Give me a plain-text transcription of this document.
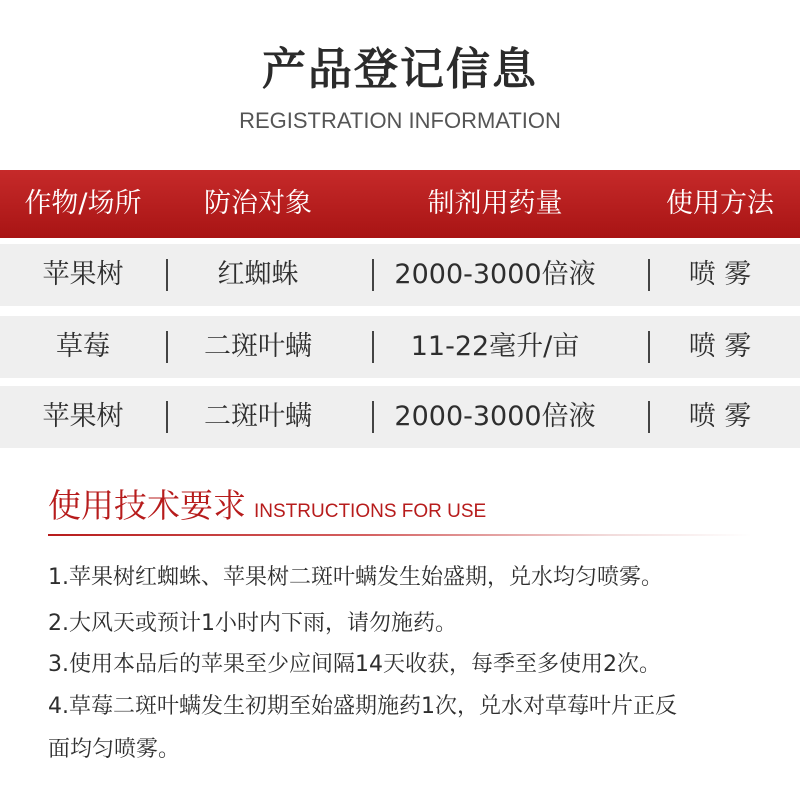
产品登记信息
REGISTRATION INFORMATION
作物/场所	防治对象	制剂用药量	使用方法
苹果树	红蜘蛛	2000-3000倍液	喷 雾
草莓	二斑叶螨	11-22毫升/亩	喷 雾
苹果树	二斑叶螨	2000-3000倍液	喷 雾
使用技术要求 INSTRUCTIONS FOR USE
1.苹果树红蜘蛛、苹果树二斑叶螨发生始盛期，兑水均匀喷雾。
2.大风天或预计1小时内下雨，请勿施药。
3.使用本品后的苹果至少应间隔14天收获，每季至多使用2次。
4.草莓二斑叶螨发生初期至始盛期施药1次，兑水对草莓叶片正反
面均匀喷雾。
